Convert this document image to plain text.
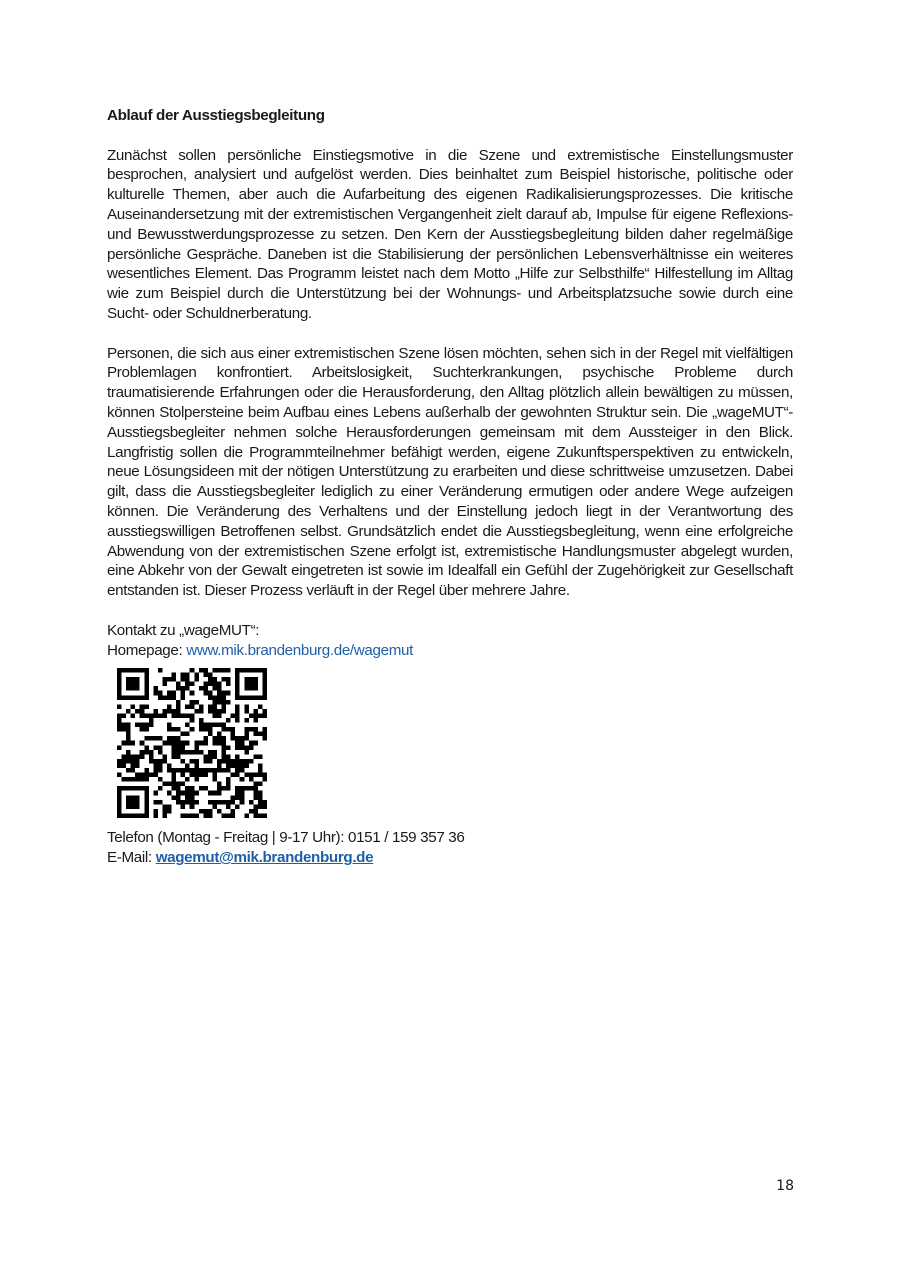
Ablauf der Ausstiegsbegleitung

Zunächst sollen persönliche Einstiegsmotive in die Szene und extremistische Einstellungsmuster besprochen, analysiert und aufgelöst werden. Dies beinhaltet zum Beispiel historische, politische oder kulturelle Themen, aber auch die Aufarbeitung des eigenen Radikalisierungsprozesses. Die kritische Auseinandersetzung mit der extremistischen Vergangenheit zielt darauf ab, Impulse für eigene Reflexions- und Bewusstwerdungsprozesse zu setzen. Den Kern der Ausstiegsbegleitung bilden daher regelmäßige persönliche Gespräche. Daneben ist die Stabilisierung der persönlichen Lebensverhältnisse ein weiteres wesentliches Element. Das Programm leistet nach dem Motto „Hilfe zur Selbsthilfe“ Hilfestellung im Alltag wie zum Beispiel durch die Unterstützung bei der Wohnungs- und Arbeitsplatzsuche sowie durch eine Sucht- oder Schuldnerberatung.

Personen, die sich aus einer extremistischen Szene lösen möchten, sehen sich in der Regel mit vielfältigen Problemlagen konfrontiert. Arbeitslosigkeit, Suchterkrankungen, psychische Probleme durch traumatisierende Erfahrungen oder die Herausforderung, den Alltag plötzlich allein bewältigen zu müssen, können Stolpersteine beim Aufbau eines Lebens außerhalb der gewohnten Struktur sein. Die „wageMUT“-Ausstiegsbegleiter nehmen solche Herausforderungen gemeinsam mit dem Aussteiger in den Blick. Langfristig sollen die Programmteilnehmer befähigt werden, eigene Zukunftsperspektiven zu entwickeln, neue Lösungsideen mit der nötigen Unterstützung zu erarbeiten und diese schrittweise umzusetzen. Dabei gilt, dass die Ausstiegsbegleiter lediglich zu einer Veränderung ermutigen oder andere Wege aufzeigen können. Die Veränderung des Verhaltens und der Einstellung jedoch liegt in der Verantwortung des ausstiegswilligen Betroffenen selbst. Grundsätzlich endet die Ausstiegsbegleitung, wenn eine erfolgreiche Abwendung von der extremistischen Szene erfolgt ist, extremistische Handlungsmuster abgelegt wurden, eine Abkehr von der Gewalt eingetreten ist sowie im Idealfall ein Gefühl der Zugehörigkeit zur Gesellschaft entstanden ist. Dieser Prozess verläuft in der Regel über mehrere Jahre.

Kontakt zu „wageMUT“:

Homepage: www.mik.brandenburg.de/wagemut

Telefon (Montag - Freitag | 9-17 Uhr): 0151 / 159 357 36

E-Mail: wagemut@mik.brandenburg.de

18
